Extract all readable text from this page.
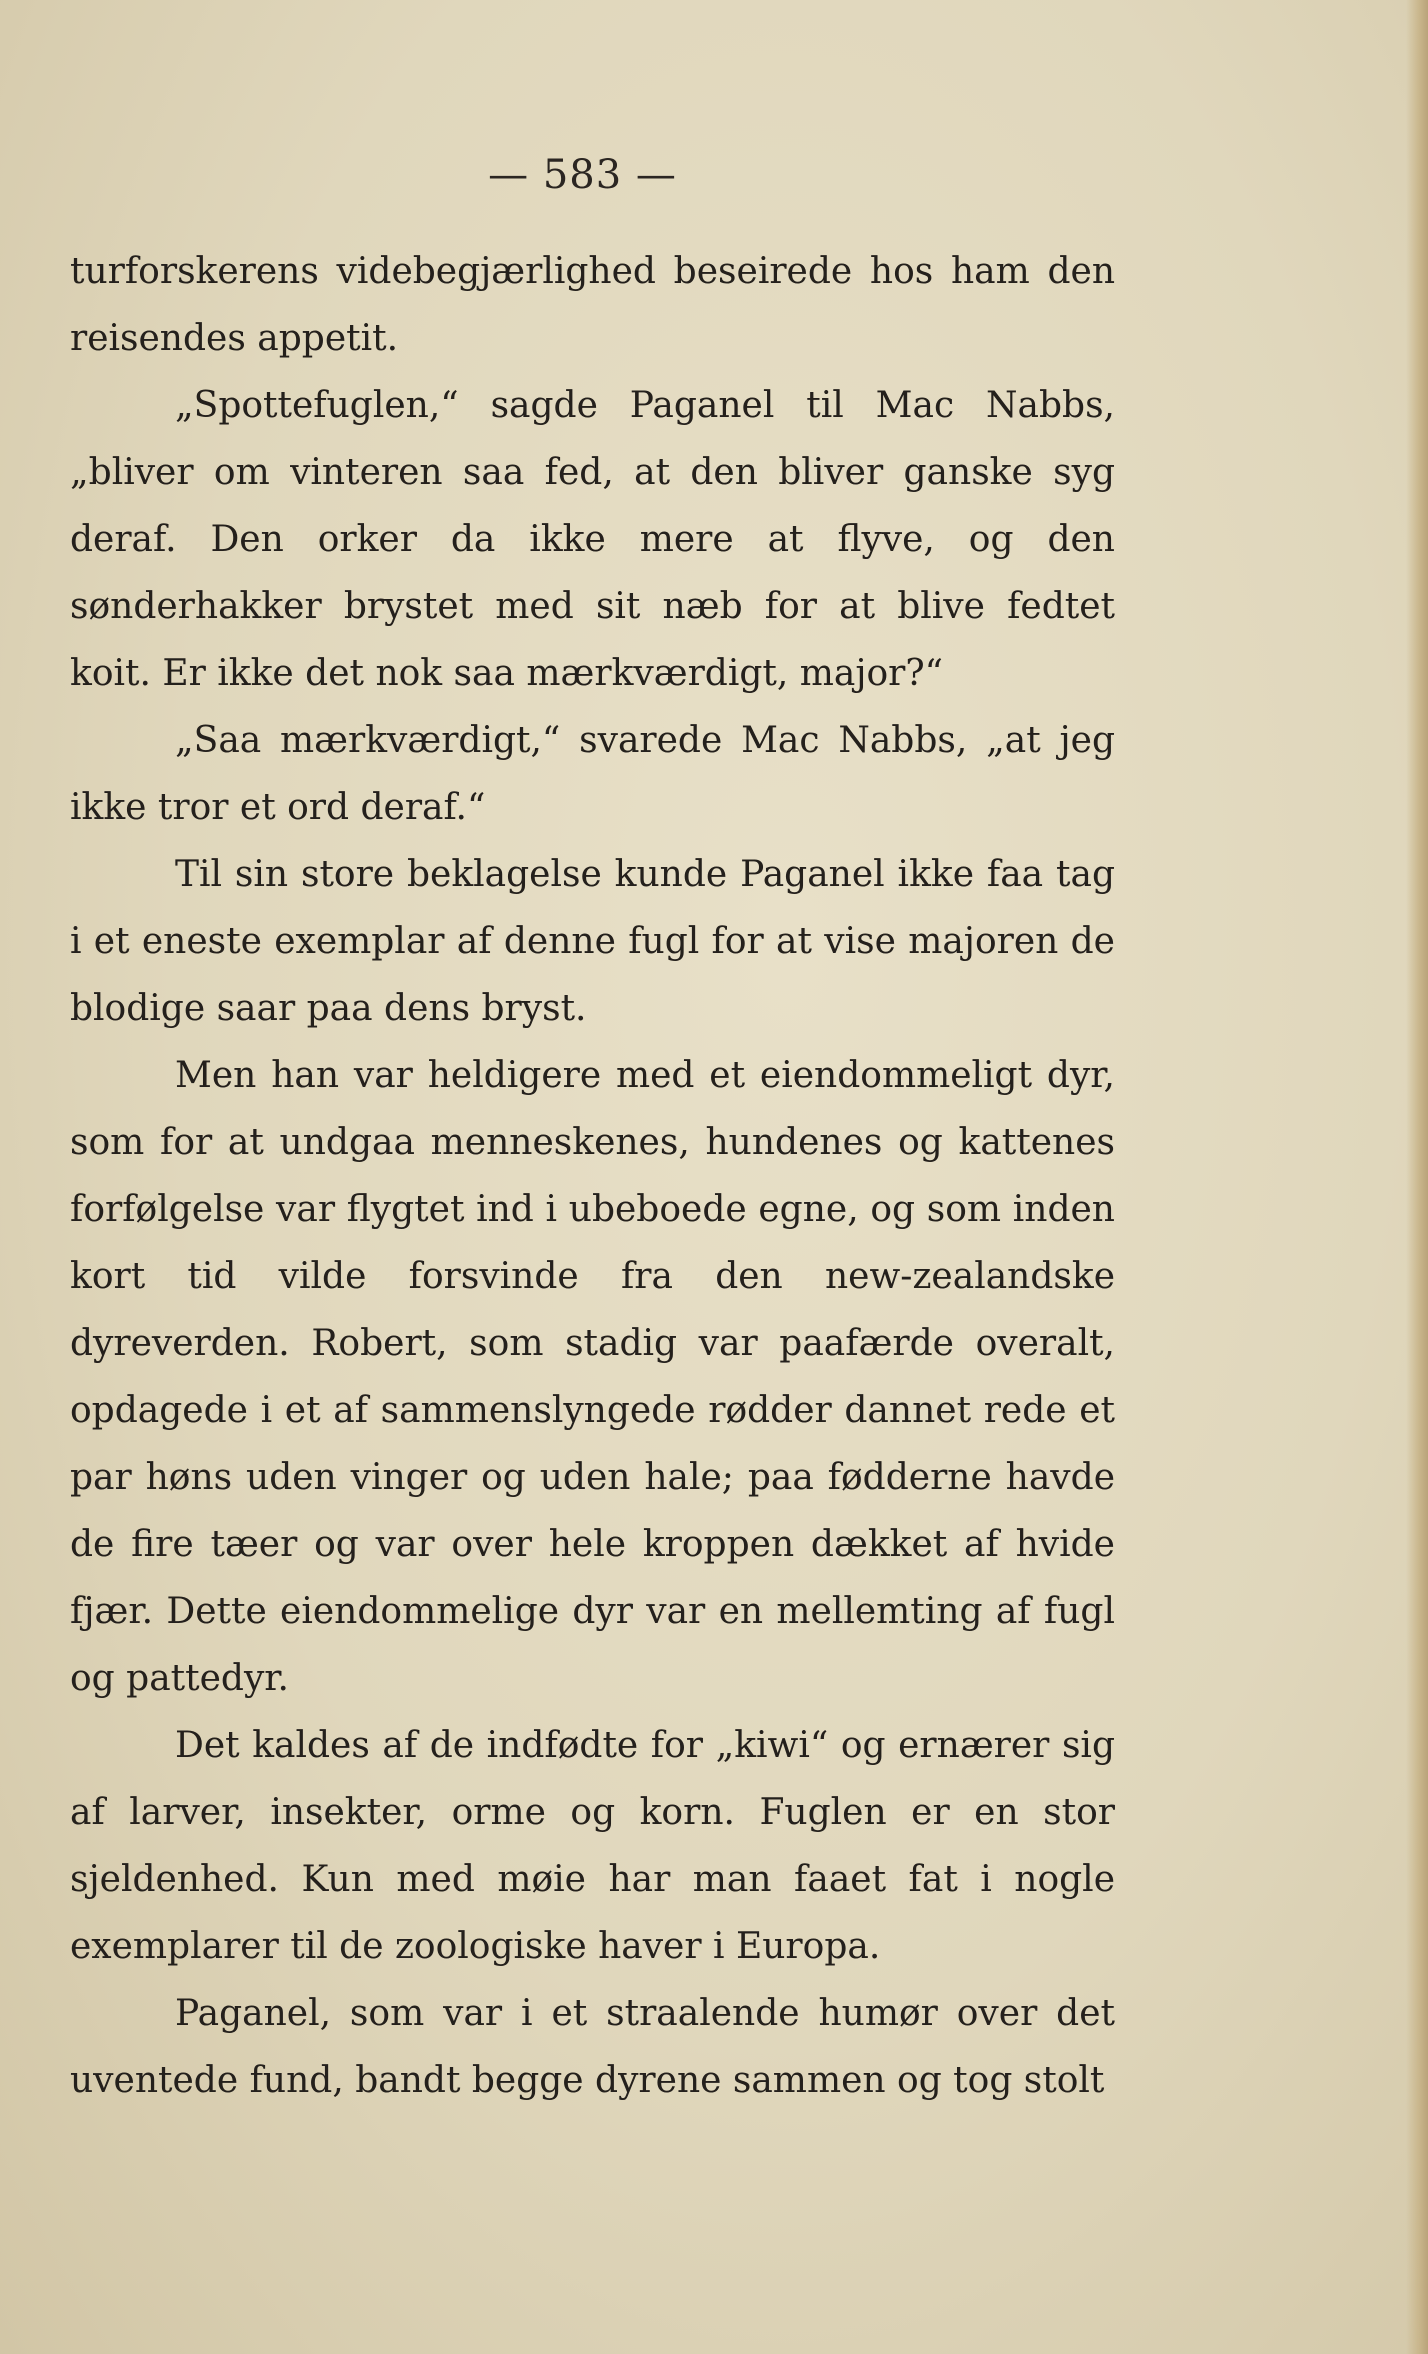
— 583 —

turforskerens videbegjærlighed beseirede hos ham den reisendes appetit.

„Spottefuglen,“ sagde Paganel til Mac Nabbs, „bliver om vinteren saa fed, at den bliver ganske syg deraf. Den orker da ikke mere at flyve, og den sønderhakker brystet med sit næb for at blive fedtet koit. Er ikke det nok saa mærkværdigt, major?“

„Saa mærkværdigt,“ svarede Mac Nabbs, „at jeg ikke tror et ord deraf.“

Til sin store beklagelse kunde Paganel ikke faa tag i et eneste exemplar af denne fugl for at vise majoren de blodige saar paa dens bryst.

Men han var heldigere med et eiendommeligt dyr, som for at undgaa menneskenes, hundenes og kattenes forfølgelse var flygtet ind i ubeboede egne, og som inden kort tid vilde forsvinde fra den new-zealandske dyreverden. Robert, som stadig var paafærde overalt, opdagede i et af sammenslyngede rødder dannet rede et par høns uden vinger og uden hale; paa fødderne havde de fire tæer og var over hele kroppen dækket af hvide fjær. Dette eiendommelige dyr var en mellemting af fugl og pattedyr.

Det kaldes af de indfødte for „kiwi“ og ernærer sig af larver, insekter, orme og korn. Fuglen er en stor sjeldenhed. Kun med møie har man faaet fat i nogle exemplarer til de zoologiske haver i Europa.

Paganel, som var i et straalende humør over det uventede fund, bandt begge dyrene sammen og tog stolt
